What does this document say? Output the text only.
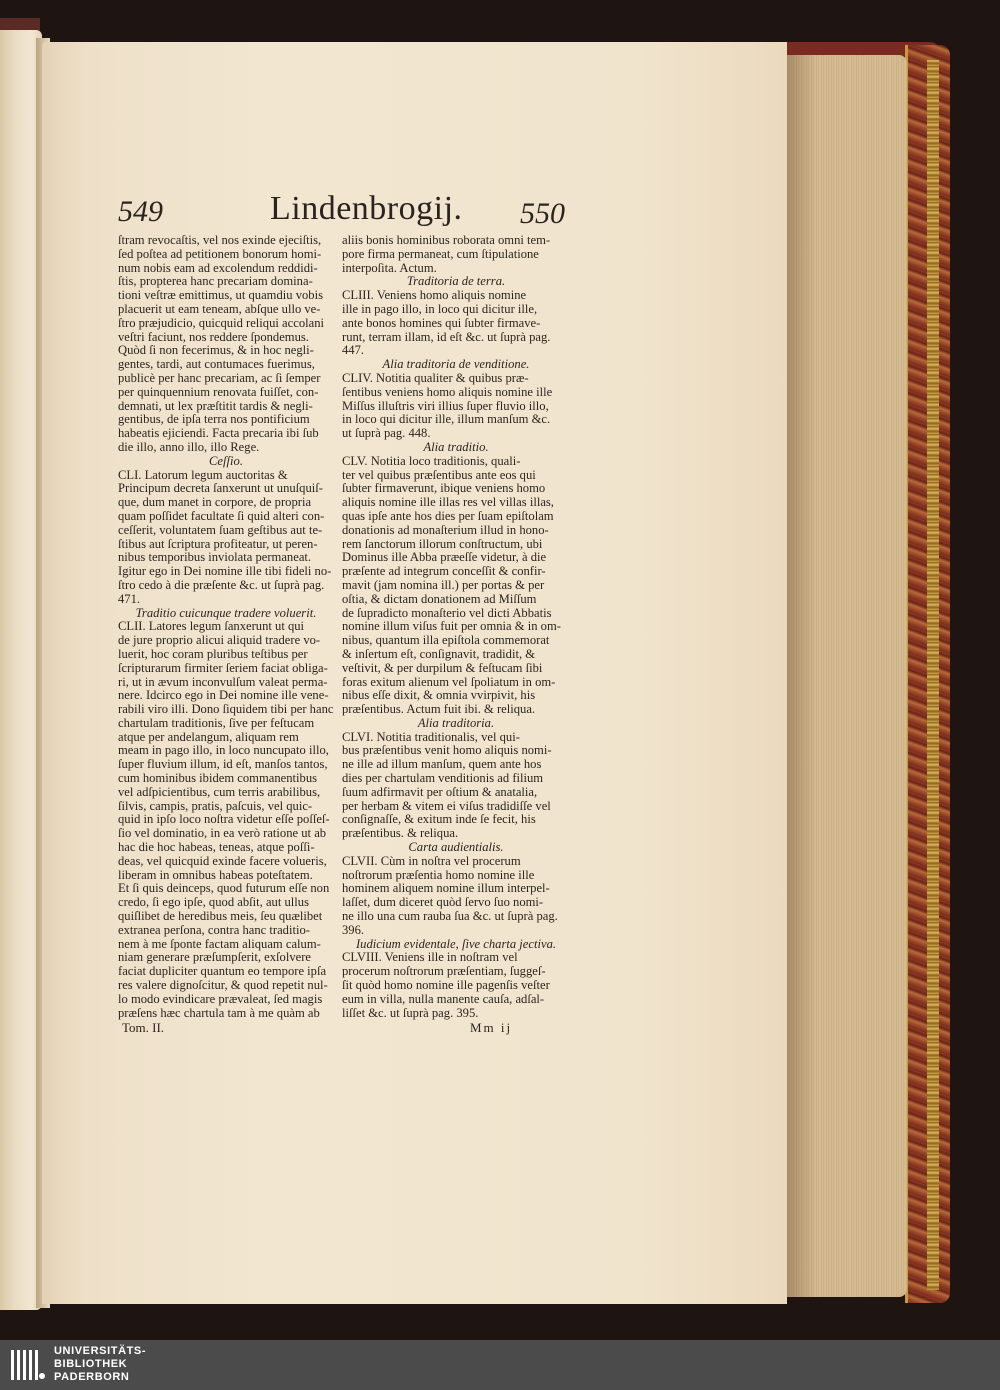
549	Lindenbrogij. 550
ſtram revocaſtis, vel nos exinde ejeciſtis,
ſed poſtea ad petitionem bonorum homi-
num nobis eam ad excolendum reddidi-
ſtis, propterea hanc precariam domina-
tioni veſtræ emittimus, ut quamdiu vobis
placuerit ut eam teneam, abſque ullo ve-
ſtro præjudicio, quicquid reliqui accolani
veſtri faciunt, nos reddere ſpondemus.
Quòd ſi non fecerimus, & in hoc negli-
gentes, tardi, aut contumaces fuerimus,
publicè per hanc precariam, ac ſi ſemper
per quinquennium renovata fuiſſet, con-
demnati, ut lex præſtitit tardis & negli-
gentibus, de ipſa terra nos pontificium
habeatis ejiciendi. Facta precaria ibi ſub
die illo, anno illo, illo Rege.
Ceſſio.
CLI. Latorum legum auctoritas &
Principum decreta ſanxerunt ut unuſquiſ-
que, dum manet in corpore, de propria
quam poſſidet facultate ſi quid alteri con-
ceſſerit, voluntatem ſuam geſtibus aut te-
ſtibus aut ſcriptura profiteatur, ut peren-
nibus temporibus inviolata permaneat.
Igitur ego in Dei nomine ille tibi fideli no-
ſtro cedo à die præſente &c. ut ſuprà pag.
471.
Traditio cuicunque tradere voluerit.
CLII. Latores legum ſanxerunt ut qui
de jure proprio alicui aliquid tradere vo-
luerit, hoc coram pluribus teſtibus per
ſcripturarum firmiter ſeriem faciat obliga-
ri, ut in ævum inconvulſum valeat perma-
nere. Idcirco ego in Dei nomine ille vene-
rabili viro illi. Dono ſiquidem tibi per hanc
chartulam traditionis, ſive per feſtucam
atque per andelangum, aliquam rem
meam in pago illo, in loco nuncupato illo,
ſuper fluvium illum, id eſt, manſos tantos,
cum hominibus ibidem commanentibus
vel adſpicientibus, cum terris arabilibus,
ſilvis, campis, pratis, paſcuis, vel quic-
quid in ipſo loco noſtra videtur eſſe poſſeſ-
ſio vel dominatio, in ea verò ratione ut ab
hac die hoc habeas, teneas, atque poſſi-
deas, vel quicquid exinde facere volueris,
liberam in omnibus habeas poteſtatem.
Et ſi quis deinceps, quod futurum eſſe non
credo, ſi ego ipſe, quod abſit, aut ullus
quiſlibet de heredibus meis, ſeu quælibet
extranea perſona, contra hanc traditio-
nem à me ſponte factam aliquam calum-
niam generare præſumpſerit, exſolvere
faciat dupliciter quantum eo tempore ipſa
res valere dignoſcitur, & quod repetit nul-
lo modo evindicare prævaleat, ſed magis
præſens hæc chartula tam à me quàm ab
aliis bonis hominibus roborata omni tem-
pore firma permaneat, cum ſtipulatione
interpoſita. Actum.
Traditoria de terra.
CLIII. Veniens homo aliquis nomine
ille in pago illo, in loco qui dicitur ille,
ante bonos homines qui ſubter firmave-
runt, terram illam, id eſt &c. ut ſuprà pag.
447.
Alia traditoria de venditione.
CLIV. Notitia qualiter & quibus præ-
ſentibus veniens homo aliquis nomine ille
Miſſus illuſtris viri illius ſuper fluvio illo,
in loco qui dicitur ille, illum manſum &c.
ut ſuprà pag. 448.
Alia traditio.
CLV. Notitia loco traditionis, quali-
ter vel quibus præſentibus ante eos qui
ſubter firmaverunt, ibique veniens homo
aliquis nomine ille illas res vel villas illas,
quas ipſe ante hos dies per ſuam epiſtolam
donationis ad monaſterium illud in hono-
rem ſanctorum illorum conſtructum, ubi
Dominus ille Abba præeſſe videtur, à die
præſente ad integrum conceſſit & confir-
mavit (jam nomina ill.) per portas & per
oſtia, & dictam donationem ad Miſſum
de ſupradicto monaſterio vel dicti Abbatis
nomine illum viſus fuit per omnia & in om-
nibus, quantum illa epiſtola commemorat
& inſertum eſt, conſignavit, tradidit, &
veſtivit, & per durpilum & feſtucam ſibi
foras exitum alienum vel ſpoliatum in om-
nibus eſſe dixit, & omnia vvirpivit, his
præſentibus. Actum fuit ibi. & reliqua.
Alia traditoria.
CLVI. Notitia traditionalis, vel qui-
bus præſentibus venit homo aliquis nomi-
ne ille ad illum manſum, quem ante hos
dies per chartulam venditionis ad filium
ſuum adfirmavit per oſtium & anatalia,
per herbam & vitem ei viſus tradidiſſe vel
conſignaſſe, & exitum inde ſe fecit, his
præſentibus. & reliqua.
Carta audientialis.
CLVII. Cùm in noſtra vel procerum
noſtrorum præſentia homo nomine ille
hominem aliquem nomine illum interpel-
laſſet, dum diceret quòd ſervo ſuo nomi-
ne illo una cum rauba ſua &c. ut ſuprà pag.
396.
Iudicium evidentale, ſive charta jectiva.
CLVIII. Veniens ille in noſtram vel
procerum noſtrorum præſentiam, ſuggeſ-
ſit quòd homo nomine ille pagenſis veſter
eum in villa, nulla manente cauſa, adſal-
liſſet &c. ut ſuprà pag. 395.
Tom. II.	Mm ij
UNIVERSITÄTS-
BIBLIOTHEK
PADERBORN
